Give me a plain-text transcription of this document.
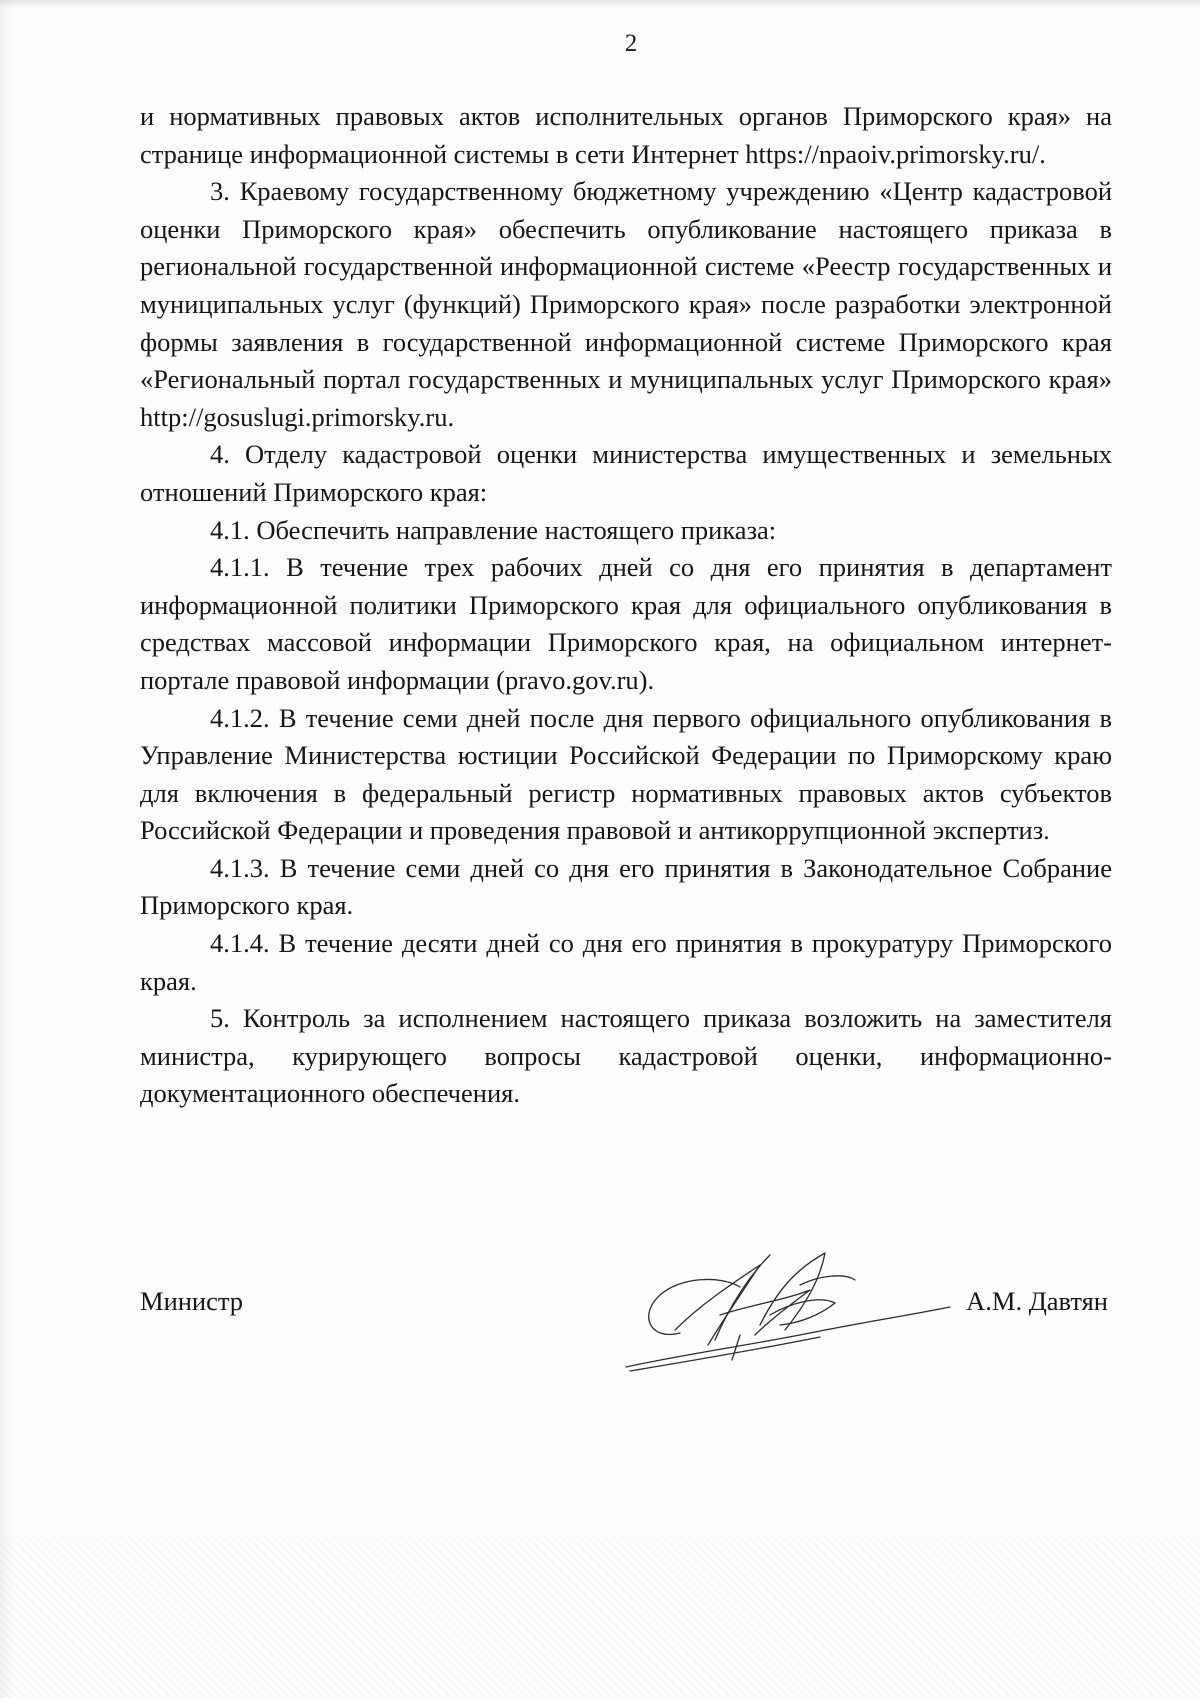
2

и нормативных правовых актов исполнительных органов Приморского края» на странице информационной системы в сети Интернет https://npaoiv.primorsky.ru/.

3. Краевому государственному бюджетному учреждению «Центр кадастровой оценки Приморского края» обеспечить опубликование настоящего приказа в региональной государственной информационной системе «Реестр государственных и муниципальных услуг (функций) Приморского края» после разработки электронной формы заявления в государственной информационной системе Приморского края «Региональный портал государственных и муниципальных услуг Приморского края» http://gosuslugi.primorsky.ru.

4. Отделу кадастровой оценки министерства имущественных и земельных отношений Приморского края:

4.1. Обеспечить направление настоящего приказа:

4.1.1. В течение трех рабочих дней со дня его принятия в департамент информационной политики Приморского края для официального опубликования в средствах массовой информации Приморского края, на официальном интернет-портале правовой информации (pravo.gov.ru).

4.1.2. В течение семи дней после дня первого официального опубликования в Управление Министерства юстиции Российской Федерации по Приморскому краю для включения в федеральный регистр нормативных правовых актов субъектов Российской Федерации и проведения правовой и антикоррупционной экспертиз.

4.1.3. В течение семи дней со дня его принятия в Законодательное Собрание Приморского края.

4.1.4. В течение десяти дней со дня его принятия в прокуратуру Приморского края.

5. Контроль за исполнением настоящего приказа возложить на заместителя министра, курирующего вопросы кадастровой оценки, информационно-документационного обеспечения.

Министр	А.М. Давтян
